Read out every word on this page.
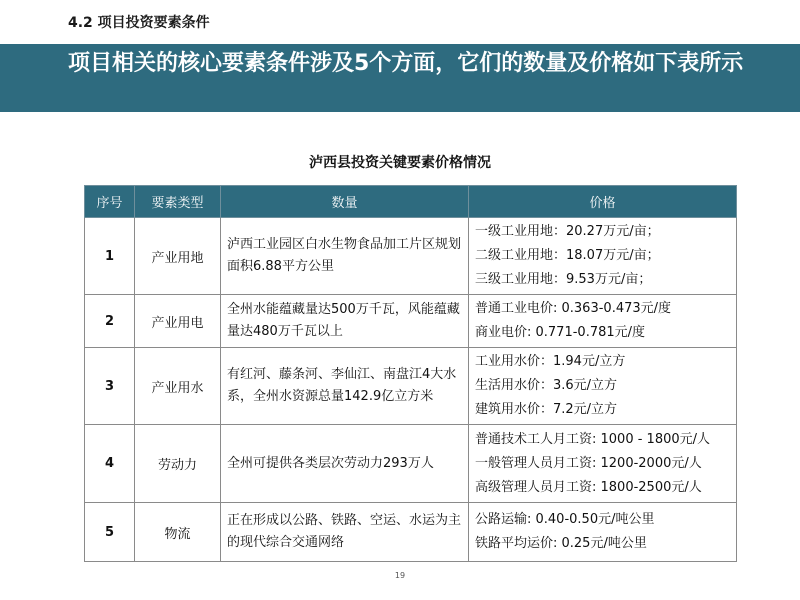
4.2 项目投资要素条件
项目相关的核心要素条件涉及5个方面，它们的数量及价格如下表所示
泸西县投资关键要素价格情况
序号	要素类型	数量	价格
1	产业用地	泸西工业园区白水生物食品加工片区规划面积6.88平方公里	一级工业用地：20.27万元/亩；
二级工业用地：18.07万元/亩；
三级工业用地：9.53万元/亩；

2	产业用电	全州水能蕴藏量达500万千瓦，风能蕴藏量达480万千瓦以上	普通工业电价: 0.363-0.473元/度
商业电价: 0.771-0.781元/度

3	产业用水	有红河、藤条河、李仙江、南盘江4大水系，全州水资源总量142.9亿立方米	工业用水价：1.94元/立方
生活用水价：3.6元/立方
建筑用水价：7.2元/立方

4	劳动力	全州可提供各类层次劳动力293万人	普通技术工人月工资: 1000 - 1800元/人
一般管理人员月工资: 1200-2000元/人
高级管理人员月工资: 1800-2500元/人

5	物流	正在形成以公路、铁路、空运、水运为主的现代综合交通网络	公路运输: 0.40-0.50元/吨公里
铁路平均运价: 0.25元/吨公里
19
